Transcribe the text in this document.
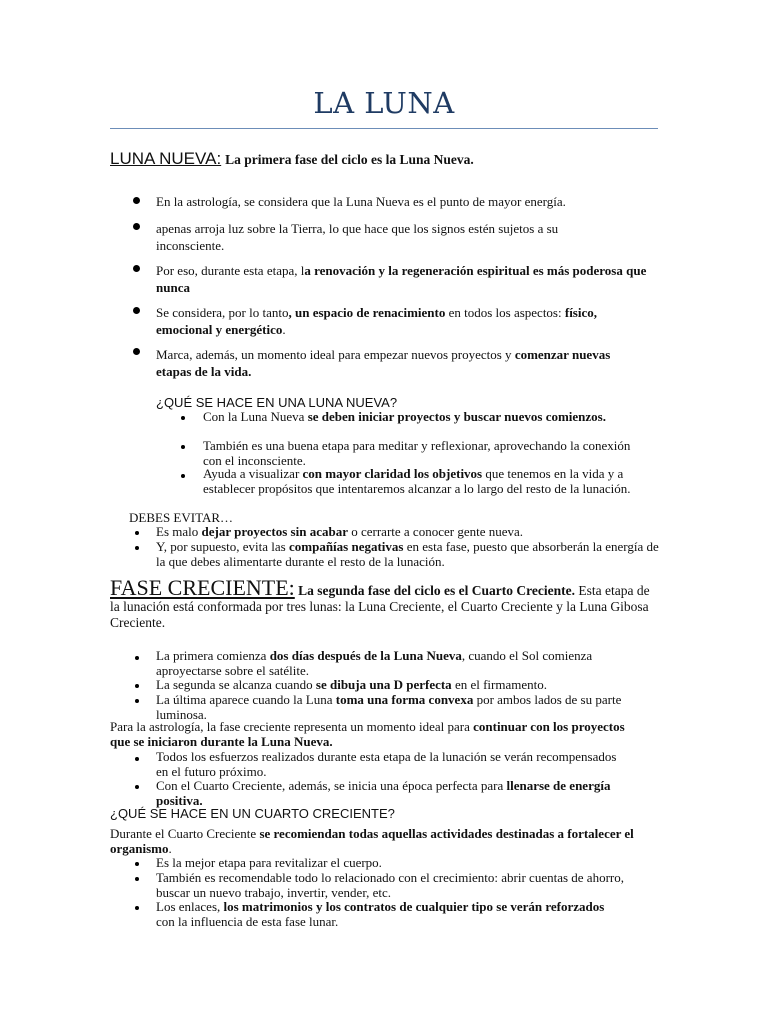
LA LUNA
LUNA NUEVA: La primera fase del ciclo es la Luna Nueva.
En la astrología, se considera que la Luna Nueva es el punto de mayor energía.
apenas arroja luz sobre la Tierra, lo que hace que los signos estén sujetos a su inconsciente.
Por eso, durante esta etapa, la renovación y la regeneración espiritual es más poderosa que nunca
Se considera, por lo tanto, un espacio de renacimiento en todos los aspectos: físico, emocional y energético.
Marca, además, un momento ideal para empezar nuevos proyectos y comenzar nuevas etapas de la vida.
¿QUÉ SE HACE EN UNA LUNA NUEVA?
Con la Luna Nueva se deben iniciar proyectos y buscar nuevos comienzos.
También es una buena etapa para meditar y reflexionar, aprovechando la conexión con el inconsciente.
Ayuda a visualizar con mayor claridad los objetivos que tenemos en la vida y a establecer propósitos que intentaremos alcanzar a lo largo del resto de la lunación.
DEBES EVITAR…
Es malo dejar proyectos sin acabar o cerrarte a conocer gente nueva.
Y, por supuesto, evita las compañías negativas en esta fase, puesto que absorberán la energía de la que debes alimentarte durante el resto de la lunación.
FASE CRECIENTE: La segunda fase del ciclo es el Cuarto Creciente. Esta etapa de la lunación está conformada por tres lunas: la Luna Creciente, el Cuarto Creciente y la Luna Gibosa Creciente.
La primera comienza dos días después de la Luna Nueva, cuando el Sol comienza aproyectarse sobre el satélite.
La segunda se alcanza cuando se dibuja una D perfecta en el firmamento.
La última aparece cuando la Luna toma una forma convexa por ambos lados de su parte luminosa.
Para la astrología, la fase creciente representa un momento ideal para continuar con los proyectos que se iniciaron durante la Luna Nueva.
Todos los esfuerzos realizados durante esta etapa de la lunación se verán recompensados en el futuro próximo.
Con el Cuarto Creciente, además, se inicia una época perfecta para llenarse de energía positiva.
¿QUÉ SE HACE EN UN CUARTO CRECIENTE?
Durante el Cuarto Creciente se recomiendan todas aquellas actividades destinadas a fortalecer el organismo.
Es la mejor etapa para revitalizar el cuerpo.
También es recomendable todo lo relacionado con el crecimiento: abrir cuentas de ahorro, buscar un nuevo trabajo, invertir, vender, etc.
Los enlaces, los matrimonios y los contratos de cualquier tipo se verán reforzados con la influencia de esta fase lunar.
